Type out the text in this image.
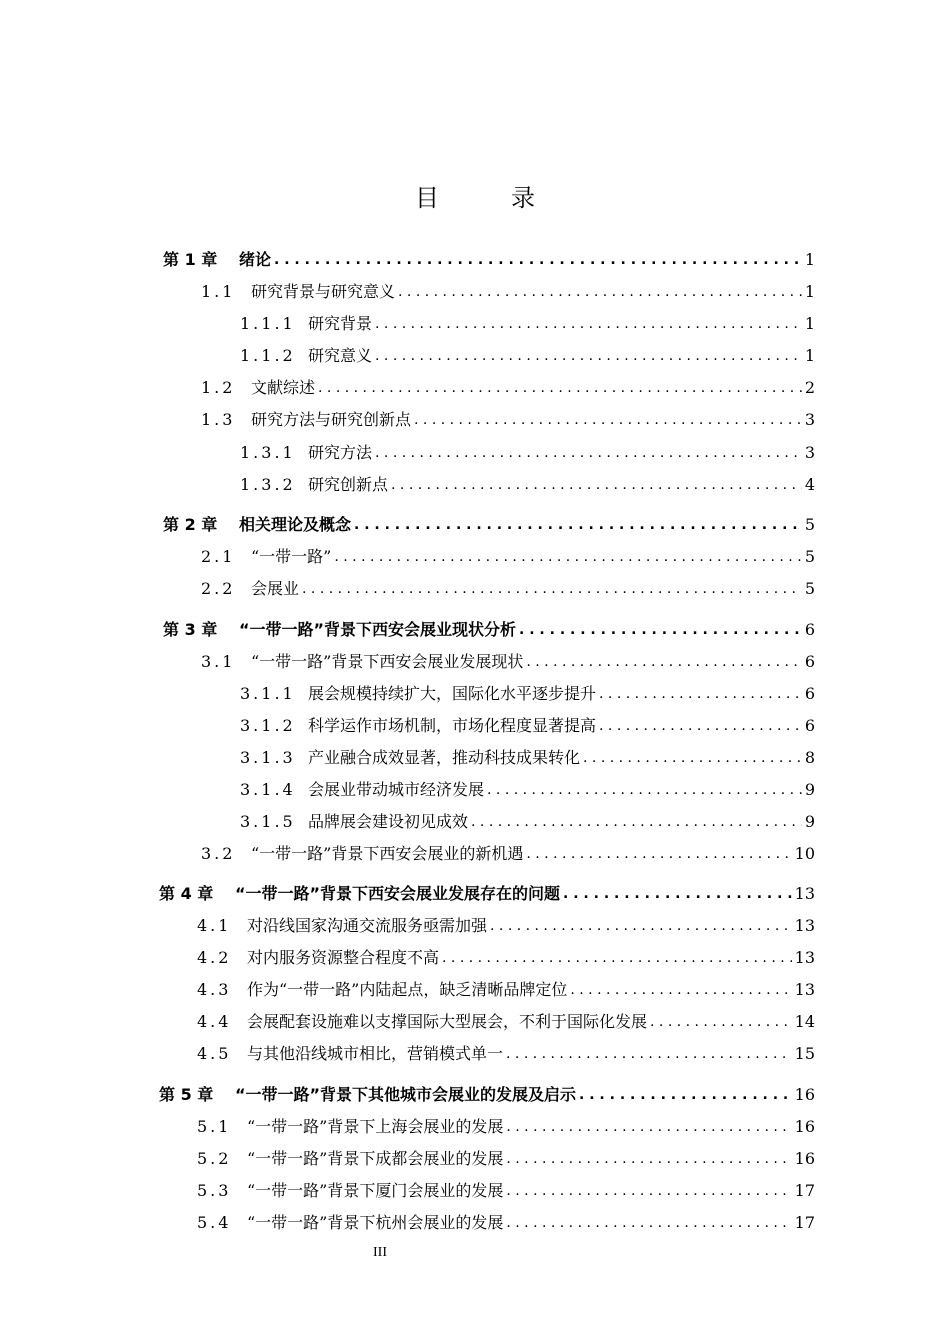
目　录
第 1 章	绪论 . . .	1
1.1 研究背景与研究意义 . . .	1
1.1.1 研究背景 . . .	1
1.1.2 研究意义 . . .	1
1.2 文献综述 . . .	2
1.3 研究方法与研究创新点 . . .	3
1.3.1 研究方法 . . .	3
1.3.2 研究创新点 . . .	4
第 2 章	相关理论及概念 . . .	5
2.1 “一带一路” . . .	5
2.2 会展业 . . .	5
第 3 章	“一带一路”背景下西安会展业现状分析 . . .	6
3.1 “一带一路”背景下西安会展业发展现状 . . .	6
3.1.1 展会规模持续扩大，国际化水平逐步提升 . . .	6
3.1.2 科学运作市场机制，市场化程度显著提高 . . .	6
3.1.3 产业融合成效显著，推动科技成果转化 . . .	8
3.1.4 会展业带动城市经济发展 . . .	9
3.1.5 品牌展会建设初见成效 . . .	9
3.2 “一带一路”背景下西安会展业的新机遇 . . .	10
第 4 章	“一带一路”背景下西安会展业发展存在的问题 . . .	13
4.1 对沿线国家沟通交流服务亟需加强 . . .	13
4.2 对内服务资源整合程度不高 . . .	13
4.3 作为“一带一路”内陆起点，缺乏清晰品牌定位 . . .	13
4.4 会展配套设施难以支撑国际大型展会，不利于国际化发展 . . .	14
4.5 与其他沿线城市相比，营销模式单一 . . .	15
第 5 章	“一带一路”背景下其他城市会展业的发展及启示 . . .	16
5.1 “一带一路”背景下上海会展业的发展 . . .	16
5.2 “一带一路”背景下成都会展业的发展 . . .	16
5.3 “一带一路”背景下厦门会展业的发展 . . .	17
5.4 “一带一路”背景下杭州会展业的发展 . . .	17
III
